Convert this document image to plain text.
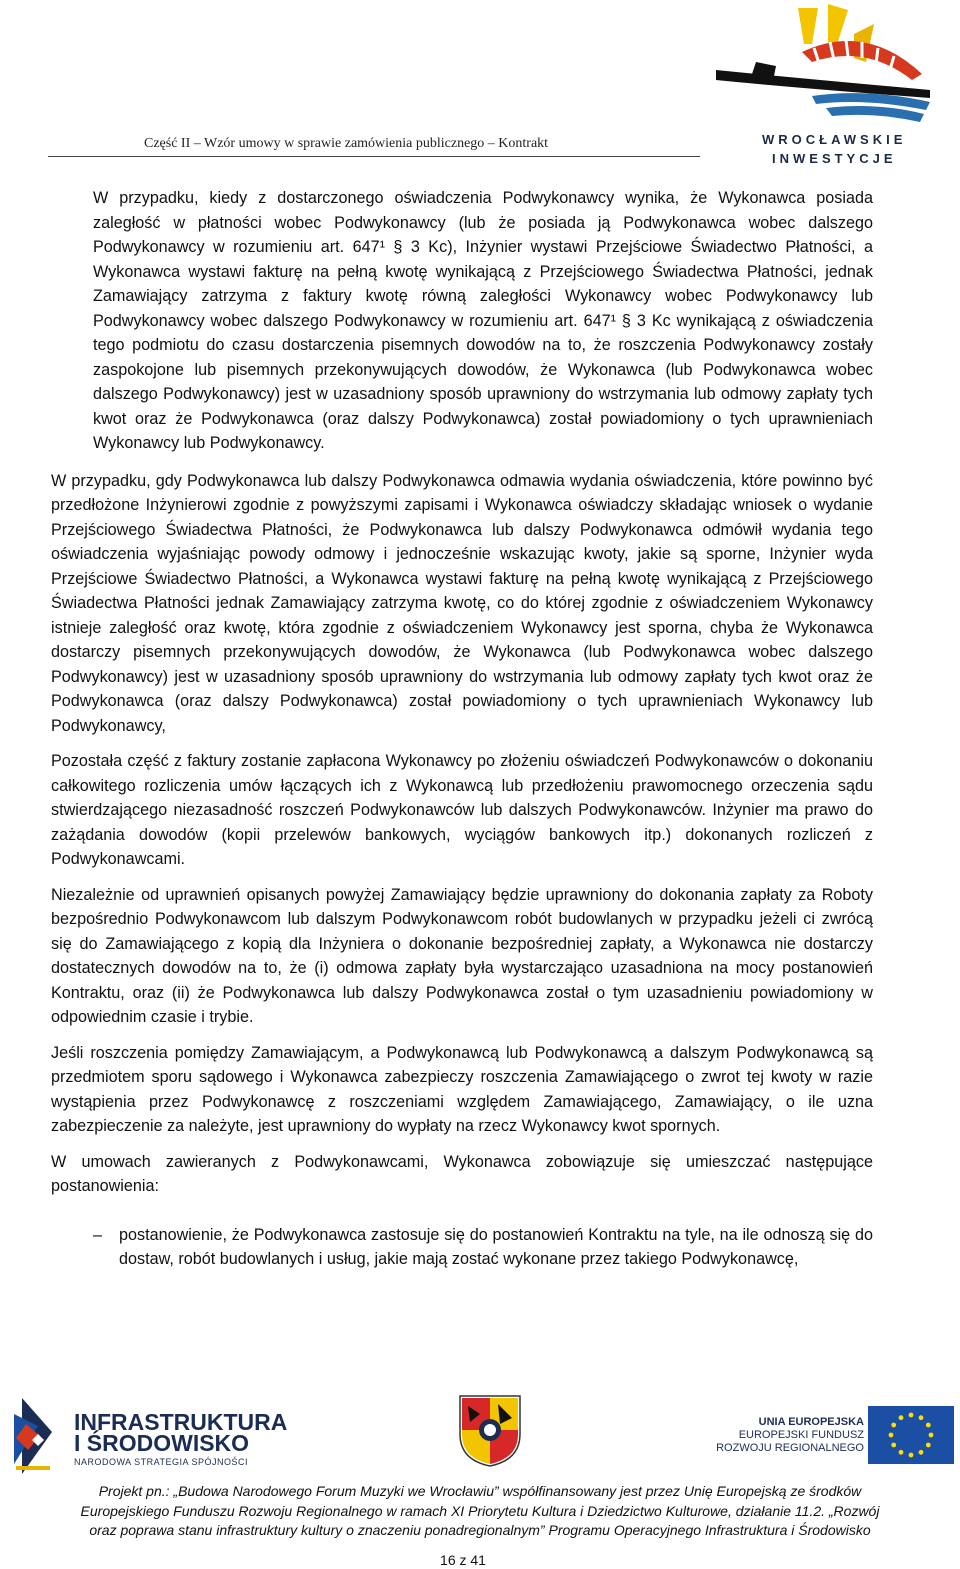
Część II – Wzór umowy w sprawie zamówienia publicznego – Kontrakt	WROCŁAWSKIE
INWESTYCJE

W przypadku, kiedy z dostarczonego oświadczenia Podwykonawcy wynika, że Wykonawca posiada zaległość w płatności wobec Podwykonawcy (lub że posiada ją Podwykonawca wobec dalszego Podwykonawcy w rozumieniu art. 647¹ § 3 Kc), Inżynier wystawi Przejściowe Świadectwo Płatności, a Wykonawca wystawi fakturę na pełną kwotę wynikającą z Przejściowego Świadectwa Płatności, jednak Zamawiający zatrzyma z faktury kwotę równą zaległości Wykonawcy wobec Podwykonawcy lub Podwykonawcy wobec dalszego Podwykonawcy w rozumieniu art. 647¹ § 3 Kc wynikającą z oświadczenia tego podmiotu do czasu dostarczenia pisemnych dowodów na to, że roszczenia Podwykonawcy zostały zaspokojone lub pisemnych przekonywujących dowodów, że Wykonawca (lub Podwykonawca wobec dalszego Podwykonawcy) jest w uzasadniony sposób uprawniony do wstrzymania lub odmowy zapłaty tych kwot oraz że Podwykonawca (oraz dalszy Podwykonawca) został powiadomiony o tych uprawnieniach Wykonawcy lub Podwykonawcy.

W przypadku, gdy Podwykonawca lub dalszy Podwykonawca odmawia wydania oświadczenia, które powinno być przedłożone Inżynierowi zgodnie z powyższymi zapisami i Wykonawca oświadczy składając wniosek o wydanie Przejściowego Świadectwa Płatności, że Podwykonawca lub dalszy Podwykonawca odmówił wydania tego oświadczenia wyjaśniając powody odmowy i jednocześnie wskazując kwoty, jakie są sporne, Inżynier wyda Przejściowe Świadectwo Płatności, a Wykonawca wystawi fakturę na pełną kwotę wynikającą z Przejściowego Świadectwa Płatności jednak Zamawiający zatrzyma kwotę, co do której zgodnie z oświadczeniem Wykonawcy istnieje zaległość oraz kwotę, która zgodnie z oświadczeniem Wykonawcy jest sporna, chyba że Wykonawca dostarczy pisemnych przekonywujących dowodów, że Wykonawca (lub Podwykonawca wobec dalszego Podwykonawcy) jest w uzasadniony sposób uprawniony do wstrzymania lub odmowy zapłaty tych kwot oraz że Podwykonawca (oraz dalszy Podwykonawca) został powiadomiony o tych uprawnieniach Wykonawcy lub Podwykonawcy,

Pozostała część z faktury zostanie zapłacona Wykonawcy po złożeniu oświadczeń Podwykonawców o dokonaniu całkowitego rozliczenia umów łączących ich z Wykonawcą lub przedłożeniu prawomocnego orzeczenia sądu stwierdzającego niezasadność roszczeń Podwykonawców lub dalszych Podwykonawców. Inżynier ma prawo do zażądania dowodów (kopii przelewów bankowych, wyciągów bankowych itp.) dokonanych rozliczeń z Podwykonawcami.

Niezależnie od uprawnień opisanych powyżej Zamawiający będzie uprawniony do dokonania zapłaty za Roboty bezpośrednio Podwykonawcom lub dalszym Podwykonawcom robót budowlanych w przypadku jeżeli ci zwrócą się do Zamawiającego z kopią dla Inżyniera o dokonanie bezpośredniej zapłaty, a Wykonawca nie dostarczy dostatecznych dowodów na to, że (i) odmowa zapłaty była wystarczająco uzasadniona na mocy postanowień Kontraktu, oraz (ii) że Podwykonawca lub dalszy Podwykonawca został o tym uzasadnieniu powiadomiony w odpowiednim czasie i trybie.

Jeśli roszczenia pomiędzy Zamawiającym, a Podwykonawcą lub Podwykonawcą a dalszym Podwykonawcą są przedmiotem sporu sądowego i Wykonawca zabezpieczy roszczenia Zamawiającego o zwrot tej kwoty w razie wystąpienia przez Podwykonawcę z roszczeniami względem Zamawiającego, Zamawiający, o ile uzna zabezpieczenie za należyte, jest uprawniony do wypłaty na rzecz Wykonawcy kwot spornych.

W umowach zawieranych z Podwykonawcami, Wykonawca zobowiązuje się umieszczać następujące postanowienia:

– postanowienie, że Podwykonawca zastosuje się do postanowień Kontraktu na tyle, na ile odnoszą się do dostaw, robót budowlanych i usług, jakie mają zostać wykonane przez takiego Podwykonawcę,
INFRASTRUKTURA
I ŚRODOWISKO
NARODOWA STRATEGIA SPÓJNOŚCI
UNIA EUROPEJSKA
EUROPEJSKI FUNDUSZ
ROZWOJU REGIONALNEGO
Projekt pn.: „Budowa Narodowego Forum Muzyki we Wrocławiu” współfinansowany jest przez Unię Europejską ze środków
Europejskiego Funduszu Rozwoju Regionalnego w ramach XI Priorytetu Kultura i Dziedzictwo Kulturowe, działanie 11.2. „Rozwój
oraz poprawa stanu infrastruktury kultury o znaczeniu ponadregionalnym” Programu Operacyjnego Infrastruktura i Środowisko
16 z 41
